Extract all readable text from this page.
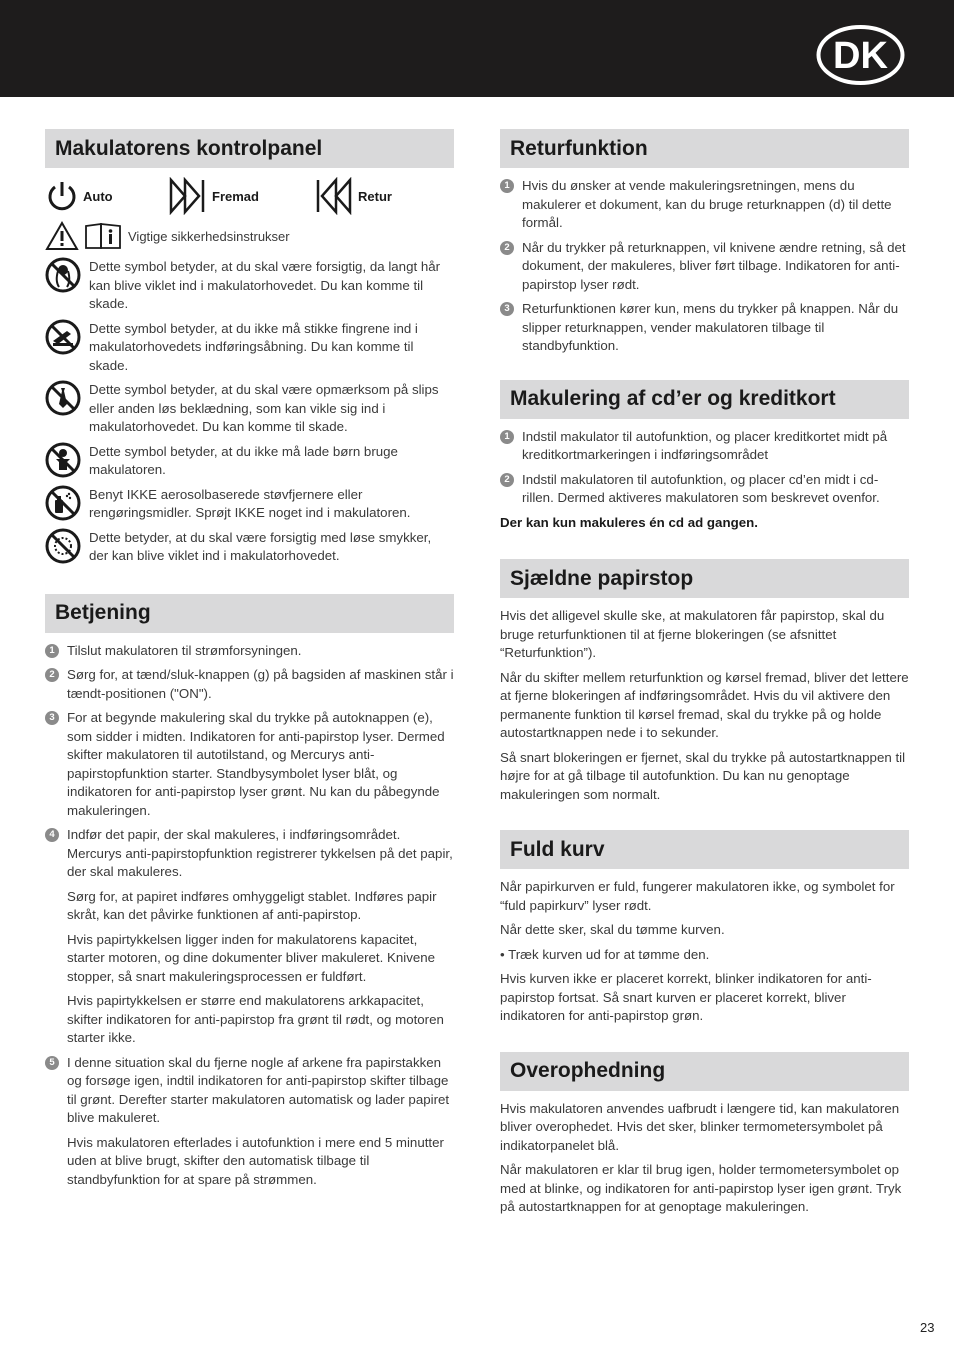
DK
Makulatorens kontrolpanel
Auto	Fremad	Retur
Vigtige sikkerhedsinstrukser
Dette symbol betyder, at du skal være forsigtig, da langt hår kan blive viklet ind i makulatorhovedet. Du kan komme til skade.
Dette symbol betyder, at du ikke må stikke fingrene ind i makulatorhovedets indføringsåbning. Du kan komme til skade.
Dette symbol betyder, at du skal være opmærksom på slips eller anden løs beklædning, som kan vikle sig ind i makulatorhovedet. Du kan komme til skade.
Dette symbol betyder, at du ikke må lade børn bruge makulatoren.
Benyt IKKE aerosolbaserede støvfjernere eller rengøringsmidler. Sprøjt IKKE noget ind i makulatoren.
Dette betyder, at du skal være forsigtig med løse smykker, der kan blive viklet ind i makulatorhovedet.
Betjening
1 Tilslut makulatoren til strømforsyningen.
2 Sørg for, at tænd/sluk-knappen (g) på bagsiden af maskinen står i tændt-positionen ("ON").
3 For at begynde makulering skal du trykke på autoknappen (e), som sidder i midten. Indikatoren for anti-papirstop lyser. Dermed skifter makulatoren til autotilstand, og Mercurys anti-papirstopfunktion starter. Standbysymbolet lyser blåt, og indikatoren for anti-papirstop lyser grønt. Nu kan du påbegynde makuleringen.
4 Indfør det papir, der skal makuleres, i indføringsområdet. Mercurys anti-papirstopfunktion registrerer tykkelsen på det papir, der skal makuleres.
Sørg for, at papiret indføres omhyggeligt stablet. Indføres papir skråt, kan det påvirke funktionen af anti-papirstop.
Hvis papirtykkelsen ligger inden for makulatorens kapacitet, starter motoren, og dine dokumenter bliver makuleret. Knivene stopper, så snart makuleringsprocessen er fuldført.
Hvis papirtykkelsen er større end makulatorens arkkapacitet, skifter indikatoren for anti-papirstop fra grønt til rødt, og motoren starter ikke.
5 I denne situation skal du fjerne nogle af arkene fra papirstakken og forsøge igen, indtil indikatoren for anti-papirstop skifter tilbage til grønt. Derefter starter makulatoren automatisk og lader papiret blive makuleret.
Hvis makulatoren efterlades i autofunktion i mere end 5 minutter uden at blive brugt, skifter den automatisk tilbage til standbyfunktion for at spare på strømmen.
Returfunktion
1 Hvis du ønsker at vende makuleringsretningen, mens du makulerer et dokument, kan du bruge returknappen (d) til dette formål.
2 Når du trykker på returknappen, vil knivene ændre retning, så det dokument, der makuleres, bliver ført tilbage. Indikatoren for anti-papirstop lyser rødt.
3 Returfunktionen kører kun, mens du trykker på knappen. Når du slipper returknappen, vender makulatoren tilbage til standbyfunktion.
Makulering af cd’er og kreditkort
1 Indstil makulator til autofunktion, og placer kreditkortet midt på kreditkortmarkeringen i indføringsområdet
2 Indstil makulatoren til autofunktion, og placer cd’en midt i cd-rillen. Dermed aktiveres makulatoren som beskrevet ovenfor.
Der kan kun makuleres én cd ad gangen.
Sjældne papirstop

Hvis det alligevel skulle ske, at makulatoren får papirstop, skal du bruge returfunktionen til at fjerne blokeringen (se afsnittet “Returfunktion”).

Når du skifter mellem returfunktion og kørsel fremad, bliver det lettere at fjerne blokeringen af indføringsområdet. Hvis du vil aktivere den permanente funktion til kørsel fremad, skal du trykke på og holde autostartknappen nede i to sekunder.

Så snart blokeringen er fjernet, skal du trykke på autostartknappen til højre for at gå tilbage til autofunktion. Du kan nu genoptage makuleringen som normalt.

Fuld kurv

Når papirkurven er fuld, fungerer makulatoren ikke, og symbolet for “fuld papirkurv” lyser rødt.

Når dette sker, skal du tømme kurven.

• Træk kurven ud for at tømme den.

Hvis kurven ikke er placeret korrekt, blinker indikatoren for anti-papirstop fortsat. Så snart kurven er placeret korrekt, bliver indikatoren for anti-papirstop grøn.

Overophedning

Hvis makulatoren anvendes uafbrudt i længere tid, kan makulatoren bliver overophedet. Hvis det sker, blinker termometersymbolet på indikatorpanelet blå.

Når makulatoren er klar til brug igen, holder termometersymbolet op med at blinke, og indikatoren for anti-papirstop lyser igen grønt. Tryk på autostartknappen for at genoptage makuleringen.

23
